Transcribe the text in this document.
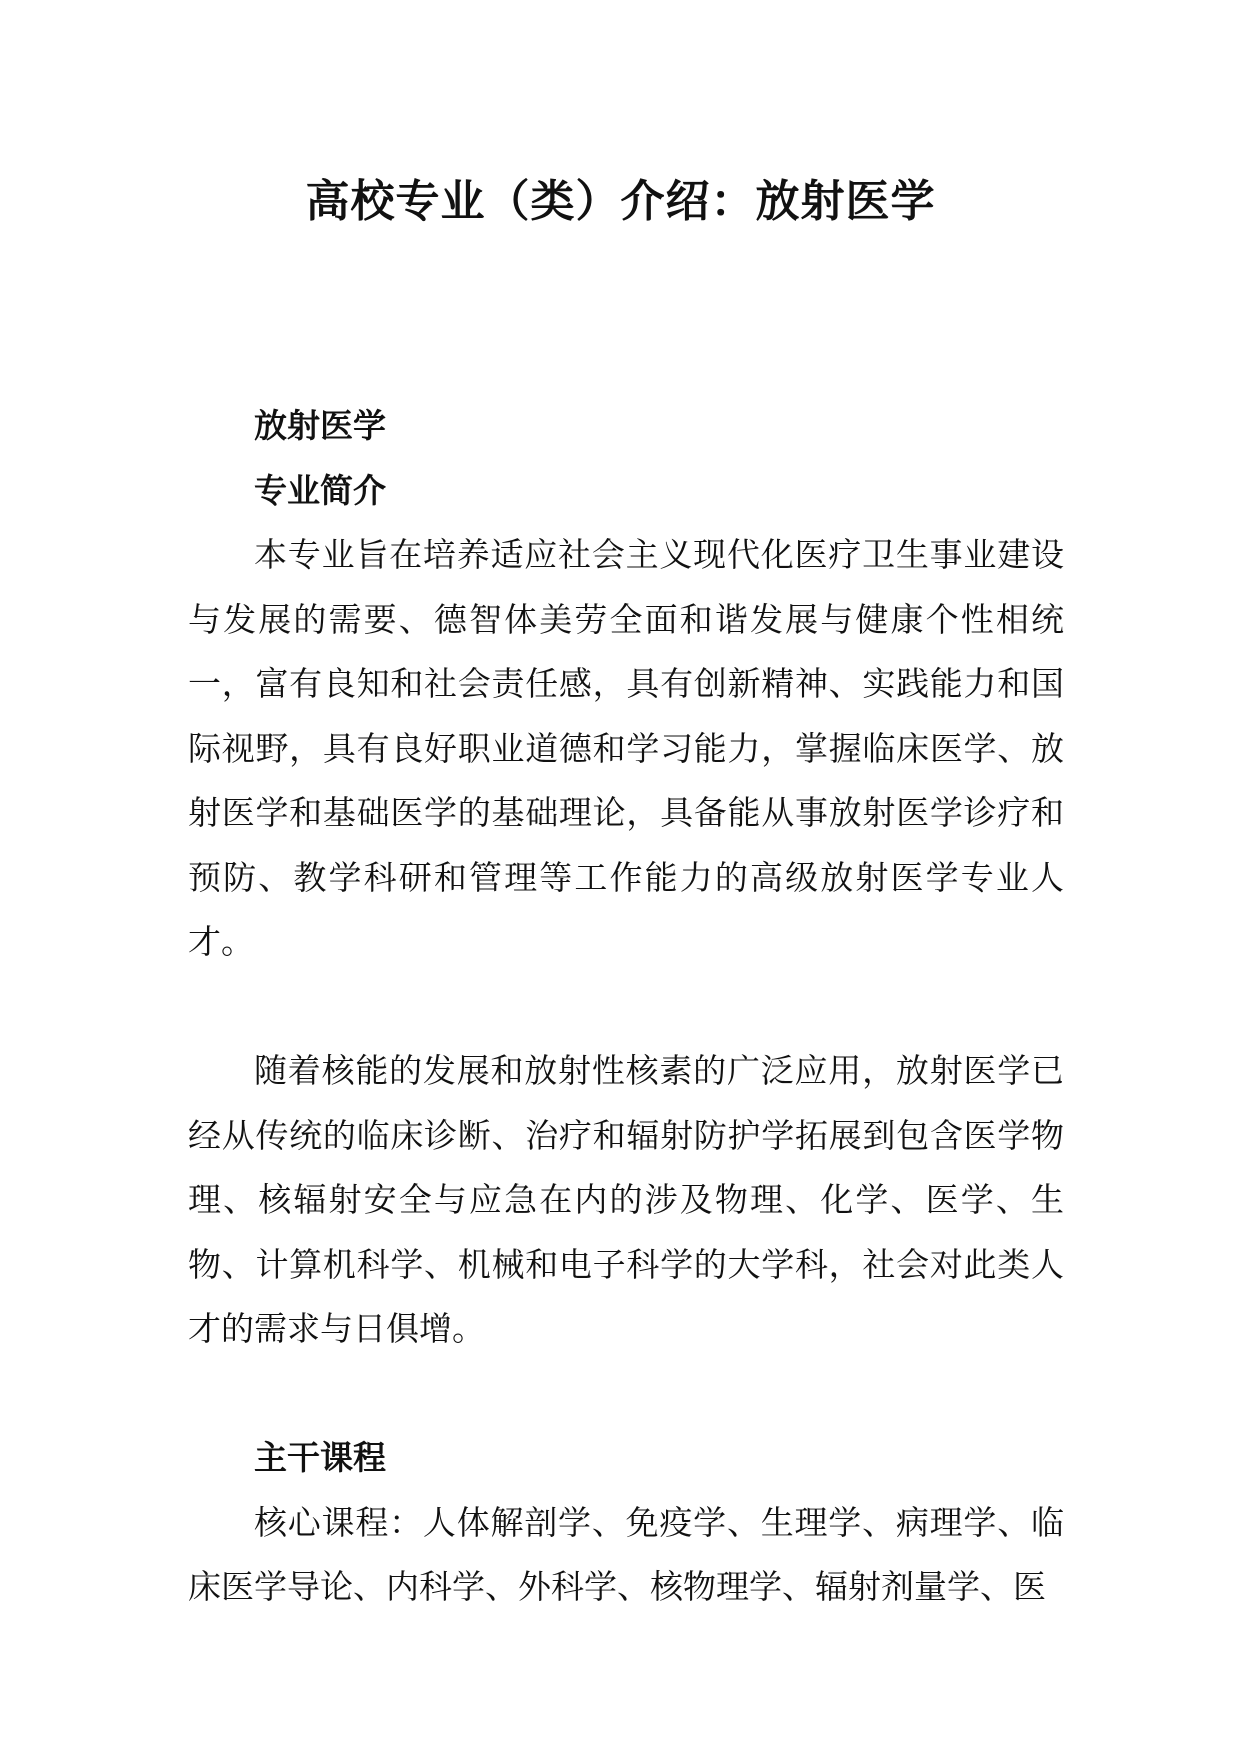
高校专业（类）介绍：放射医学

放射医学

专业简介

本专业旨在培养适应社会主义现代化医疗卫生事业建设与发展的需要、德智体美劳全面和谐发展与健康个性相统一，富有良知和社会责任感，具有创新精神、实践能力和国际视野，具有良好职业道德和学习能力，掌握临床医学、放射医学和基础医学的基础理论，具备能从事放射医学诊疗和预防、教学科研和管理等工作能力的高级放射医学专业人才。

随着核能的发展和放射性核素的广泛应用，放射医学已经从传统的临床诊断、治疗和辐射防护学拓展到包含医学物理、核辐射安全与应急在内的涉及物理、化学、医学、生物、计算机科学、机械和电子科学的大学科，社会对此类人才的需求与日俱增。

主干课程

核心课程：人体解剖学、免疫学、生理学、病理学、临床医学导论、内科学、外科学、核物理学、辐射剂量学、医
